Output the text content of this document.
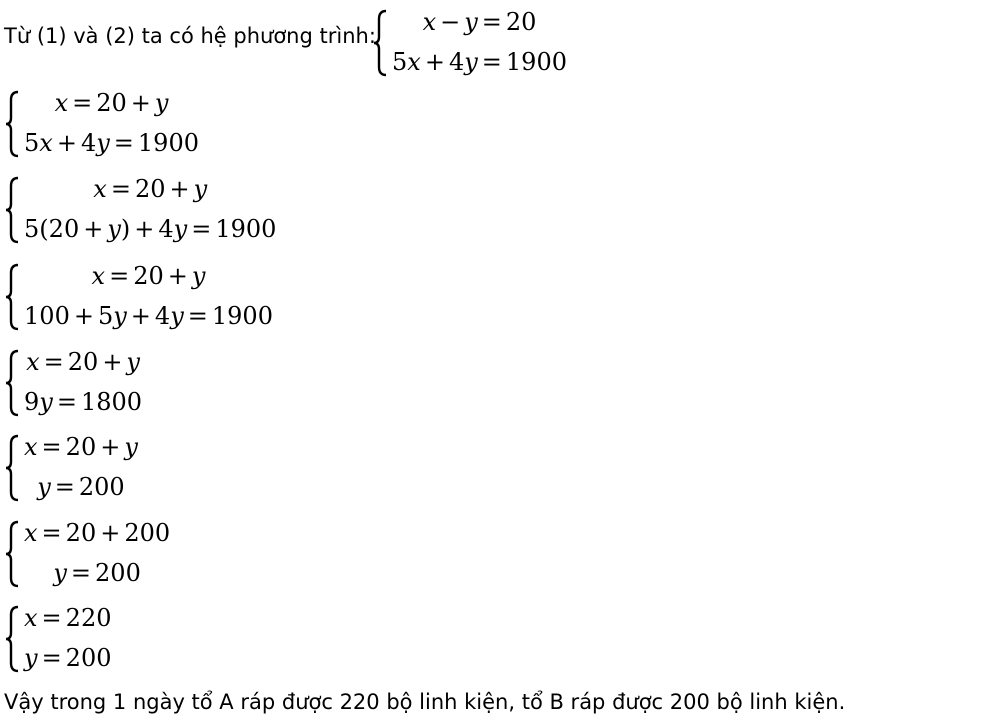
Từ (1) và (2) ta có hệ phương trình: x − y = 20
5x + 4y = 1900
x = 20 + y
5x + 4y = 1900
x = 20 + y
5(20 + y) + 4y = 1900
x = 20 + y
100 + 5y + 4y = 1900
x = 20 + y
9y = 1800
x = 20 + y
y = 200
x = 20 + 200
y = 200
x = 220
y = 200
Vậy trong 1 ngày tổ A ráp được 220 bộ linh kiện, tổ B ráp được 200 bộ linh kiện.
